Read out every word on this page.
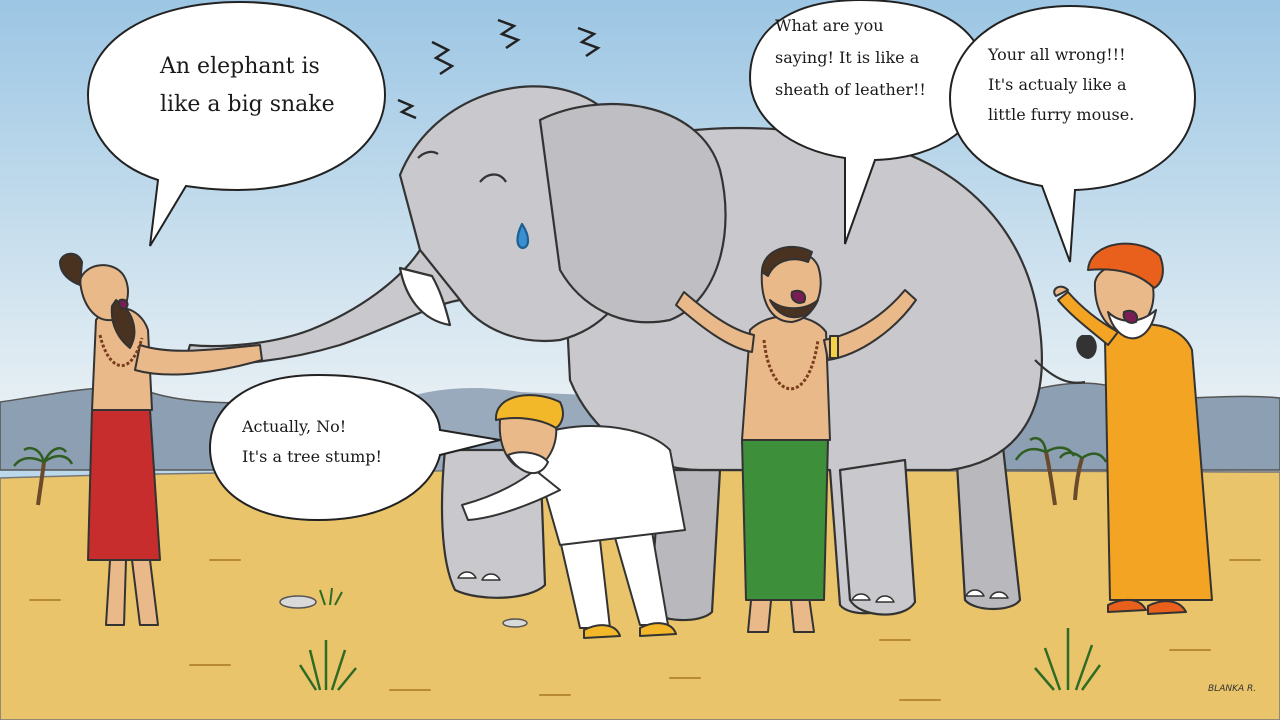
An elephant is
like a big snake
What are you
saying! It is like a
sheath of leather!!
Your all wrong!!!
It's actualy like a
little furry mouse.
Actually, No!
It's a tree stump!
BLANKA R.
